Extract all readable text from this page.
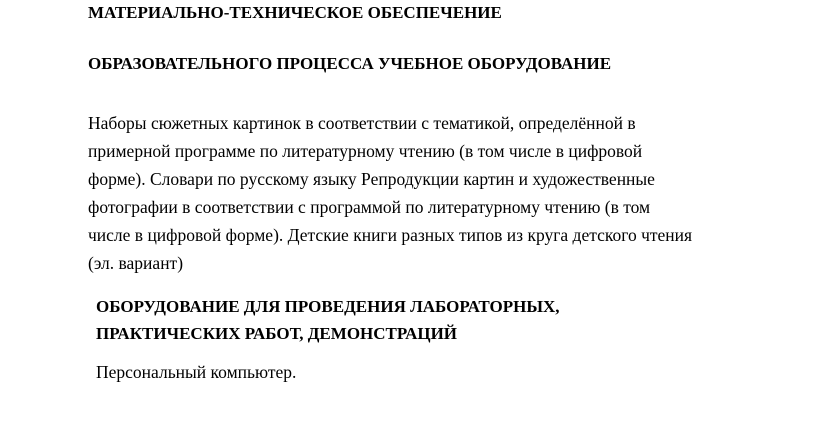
МАТЕРИАЛЬНО-ТЕХНИЧЕСКОЕ ОБЕСПЕЧЕНИЕ
ОБРАЗОВАТЕЛЬНОГО ПРОЦЕССА УЧЕБНОЕ ОБОРУДОВАНИЕ
Наборы сюжетных картинок в соответствии с тематикой, определённой в
примерной программе по литературному чтению (в том числе в цифровой
форме). Словари по русскому языку Репродукции картин и художественные
фотографии в соответствии с программой по литературному чтению (в том
числе в цифровой форме). Детские книги разных типов из круга детского чтения
(эл. вариант)
ОБОРУДОВАНИЕ ДЛЯ ПРОВЕДЕНИЯ ЛАБОРАТОРНЫХ,
ПРАКТИЧЕСКИХ РАБОТ, ДЕМОНСТРАЦИЙ
Персональный компьютер.
